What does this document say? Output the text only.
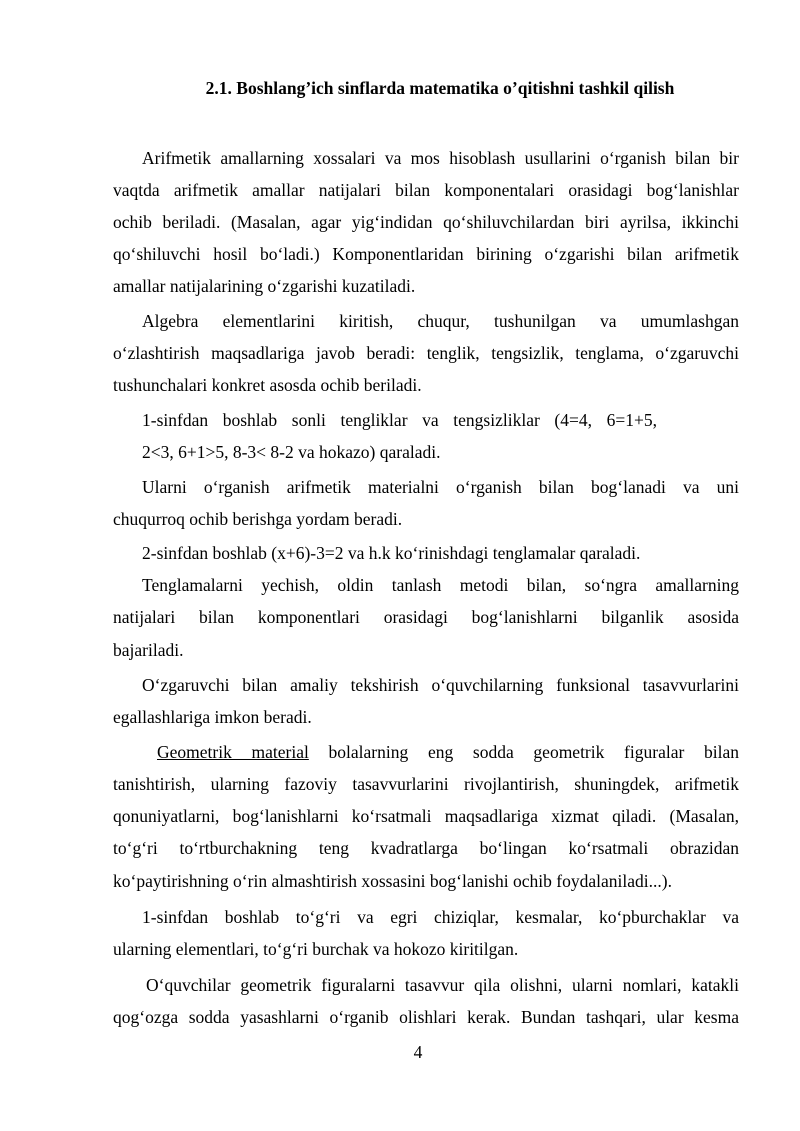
2.1. Boshlang’ich sinflarda matematika o’qitishni tashkil qilish
Arifmetik amallarning xossalari va mos hisoblash usullarini o‘rganish bilan bir
vaqtda arifmetik amallar natijalari bilan komponentalari orasidagi bog‘lanishlar
ochib beriladi. (Masalan, agar yig‘indidan qo‘shiluvchilardan biri ayrilsa, ikkinchi
qo‘shiluvchi hosil bo‘ladi.) Komponentlaridan birining o‘zgarishi bilan arifmetik
amallar natijalarining o‘zgarishi kuzatiladi.
Algebra elementlarini kiritish, chuqur, tushunilgan va umumlashgan
o‘zlashtirish maqsadlariga javob beradi: tenglik, tengsizlik, tenglama, o‘zgaruvchi
tushunchalari konkret asosda ochib beriladi.
1-sinfdan boshlab sonli tengliklar va tengsizliklar (4=4, 6=1+5,
2<3, 6+1>5, 8-3< 8-2 va hokazo) qaraladi.
Ularni o‘rganish arifmetik materialni o‘rganish bilan bog‘lanadi va uni
chuqurroq ochib berishga yordam beradi.
2-sinfdan boshlab (x+6)-3=2 va h.k ko‘rinishdagi tenglamalar qaraladi.
Tenglamalarni yechish, oldin tanlash metodi bilan, so‘ngra amallarning
natijalari bilan komponentlari orasidagi bog‘lanishlarni bilganlik asosida
bajariladi.
O‘zgaruvchi bilan amaliy tekshirish o‘quvchilarning funksional tasavvurlarini
egallashlariga imkon beradi.
Geometrik material bolalarning eng sodda geometrik figuralar bilan
tanishtirish, ularning fazoviy tasavvurlarini rivojlantirish, shuningdek, arifmetik
qonuniyatlarni, bog‘lanishlarni ko‘rsatmali maqsadlariga xizmat qiladi. (Masalan,
to‘g‘ri to‘rtburchakning teng kvadratlarga bo‘lingan ko‘rsatmali obrazidan
ko‘paytirishning o‘rin almashtirish xossasini bog‘lanishi ochib foydalaniladi...).
1-sinfdan boshlab to‘g‘ri va egri chiziqlar, kesmalar, ko‘pburchaklar va
ularning elementlari, to‘g‘ri burchak va hokozo kiritilgan.
O‘quvchilar geometrik figuralarni tasavvur qila olishni, ularni nomlari, katakli
qog‘ozga sodda yasashlarni o‘rganib olishlari kerak. Bundan tashqari, ular kesma
4
